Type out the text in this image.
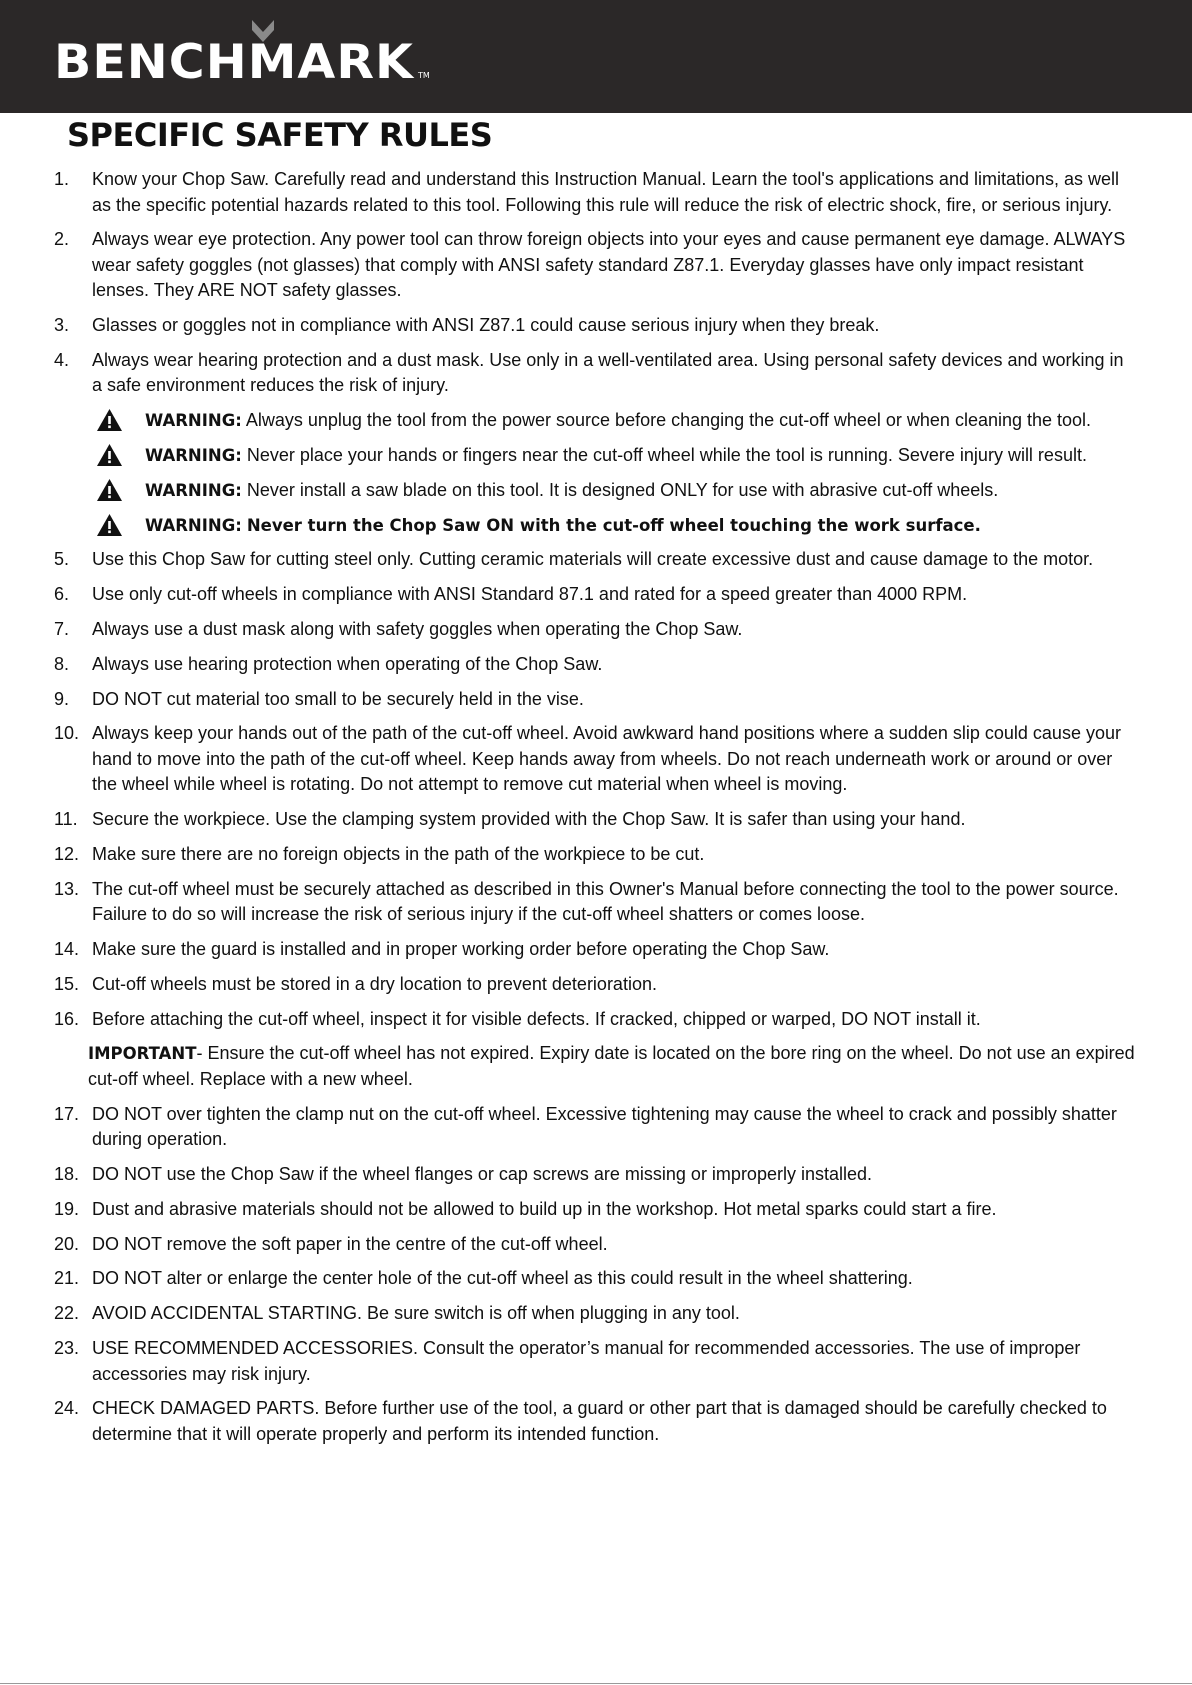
BENCHMARK TM
SPECIFIC SAFETY RULES
1.	Know your Chop Saw. Carefully read and understand this Instruction Manual. Learn the tool's applications and limitations, as well as the specific potential hazards related to this tool. Following this rule will reduce the risk of electric shock, fire, or serious injury.
2.	Always wear eye protection. Any power tool can throw foreign objects into your eyes and cause permanent eye damage. ALWAYS wear safety goggles (not glasses) that comply with ANSI safety standard Z87.1. Everyday glasses have only impact resistant lenses. They ARE NOT safety glasses.
3.	Glasses or goggles not in compliance with ANSI Z87.1 could cause serious injury when they break.
4.	Always wear hearing protection and a dust mask. Use only in a well-ventilated area. Using personal safety devices and working in a safe environment reduces the risk of injury.
WARNING: Always unplug the tool from the power source before changing the cut-off wheel or when cleaning the tool.
WARNING: Never place your hands or fingers near the cut-off wheel while the tool is running. Severe injury will result.
WARNING: Never install a saw blade on this tool. It is designed ONLY for use with abrasive cut-off wheels.
WARNING: Never turn the Chop Saw ON with the cut-off wheel touching the work surface.
5.	Use this Chop Saw for cutting steel only. Cutting ceramic materials will create excessive dust and cause damage to the motor.
6.	Use only cut-off wheels in compliance with ANSI Standard 87.1 and rated for a speed greater than 4000 RPM.
7.	Always use a dust mask along with safety goggles when operating the Chop Saw.
8.	Always use hearing protection when operating of the Chop Saw.
9.	DO NOT cut material too small to be securely held in the vise.
10. Always keep your hands out of the path of the cut-off wheel. Avoid awkward hand positions where a sudden slip could cause your hand to move into the path of the cut-off wheel. Keep hands away from wheels. Do not reach underneath work or around or over the wheel while wheel is rotating. Do not attempt to remove cut material when wheel is moving.
11. Secure the workpiece. Use the clamping system provided with the Chop Saw. It is safer than using your hand.
12. Make sure there are no foreign objects in the path of the workpiece to be cut.
13. The cut-off wheel must be securely attached as described in this Owner's Manual before connecting the tool to the power source. Failure to do so will increase the risk of serious injury if the cut-off wheel shatters or comes loose.
14. Make sure the guard is installed and in proper working order before operating the Chop Saw.
15. Cut-off wheels must be stored in a dry location to prevent deterioration.
16. Before attaching the cut-off wheel, inspect it for visible defects. If cracked, chipped or warped, DO NOT install it.
IMPORTANT- Ensure the cut-off wheel has not expired. Expiry date is located on the bore ring on the wheel. Do not use an expired cut-off wheel. Replace with a new wheel.
17. DO NOT over tighten the clamp nut on the cut-off wheel. Excessive tightening may cause the wheel to crack and possibly shatter during operation.
18. DO NOT use the Chop Saw if the wheel flanges or cap screws are missing or improperly installed.
19. Dust and abrasive materials should not be allowed to build up in the workshop. Hot metal sparks could start a fire.
20. DO NOT remove the soft paper in the centre of the cut-off wheel.
21. DO NOT alter or enlarge the center hole of the cut-off wheel as this could result in the wheel shattering.
22. AVOID ACCIDENTAL STARTING. Be sure switch is off when plugging in any tool.
23. USE RECOMMENDED ACCESSORIES. Consult the operator’s manual for recommended accessories. The use of improper accessories may risk injury.
24. CHECK DAMAGED PARTS. Before further use of the tool, a guard or other part that is damaged should be carefully checked to determine that it will operate properly and perform its intended function.
